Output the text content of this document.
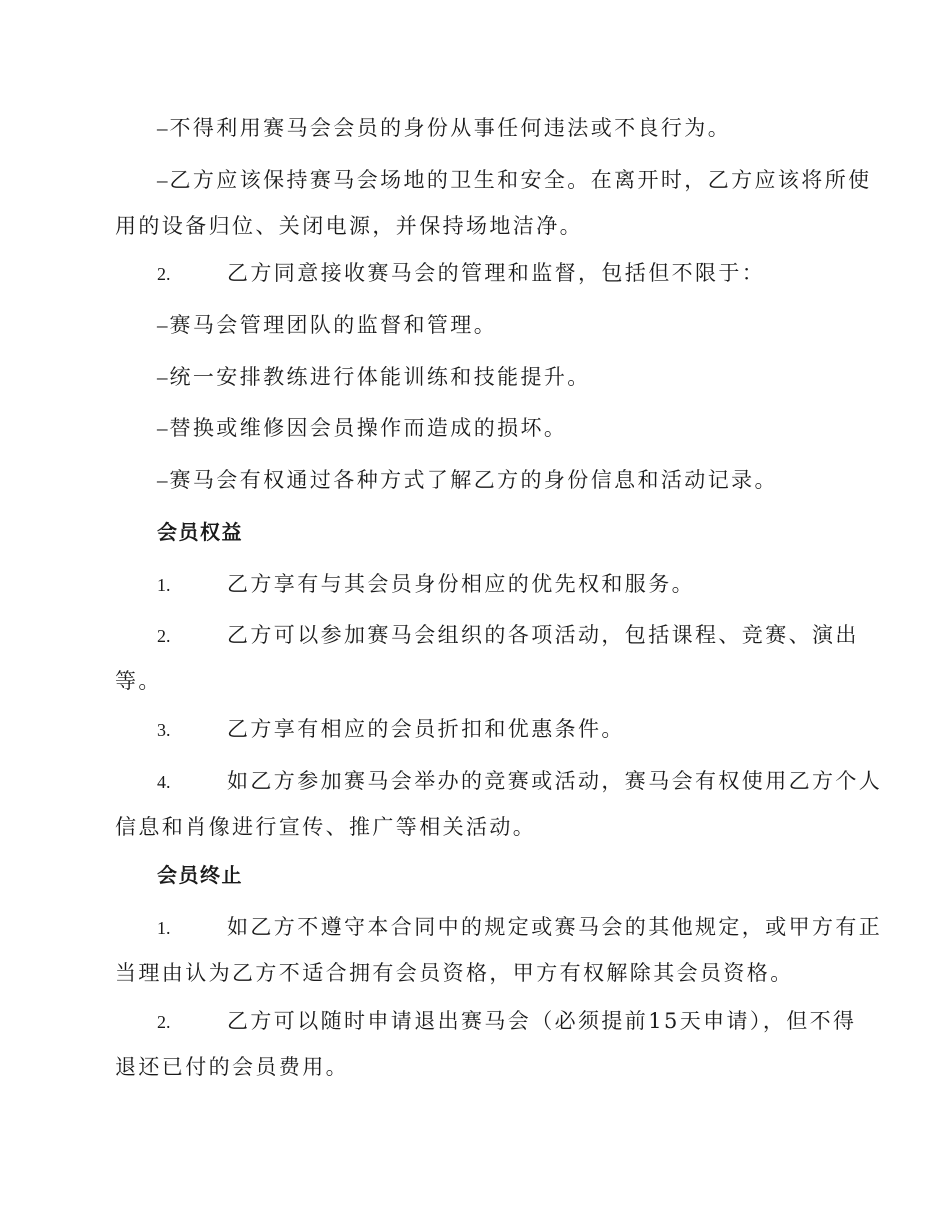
–不得利用赛马会会员的身份从事任何违法或不良行为。
–乙方应该保持赛马会场地的卫生和安全。在离开时，乙方应该将所使
用的设备归位、关闭电源，并保持场地洁净。
2.	乙方同意接收赛马会的管理和监督，包括但不限于：
–赛马会管理团队的监督和管理。
–统一安排教练进行体能训练和技能提升。
–替换或维修因会员操作而造成的损坏。
–赛马会有权通过各种方式了解乙方的身份信息和活动记录。
会员权益
1.	乙方享有与其会员身份相应的优先权和服务。
2.	乙方可以参加赛马会组织的各项活动，包括课程、竞赛、演出
等。
3.	乙方享有相应的会员折扣和优惠条件。
4.	如乙方参加赛马会举办的竞赛或活动，赛马会有权使用乙方个人
信息和肖像进行宣传、推广等相关活动。
会员终止
1.	如乙方不遵守本合同中的规定或赛马会的其他规定，或甲方有正
当理由认为乙方不适合拥有会员资格，甲方有权解除其会员资格。
2.	乙方可以随时申请退出赛马会（必须提前15天申请），但不得
退还已付的会员费用。
